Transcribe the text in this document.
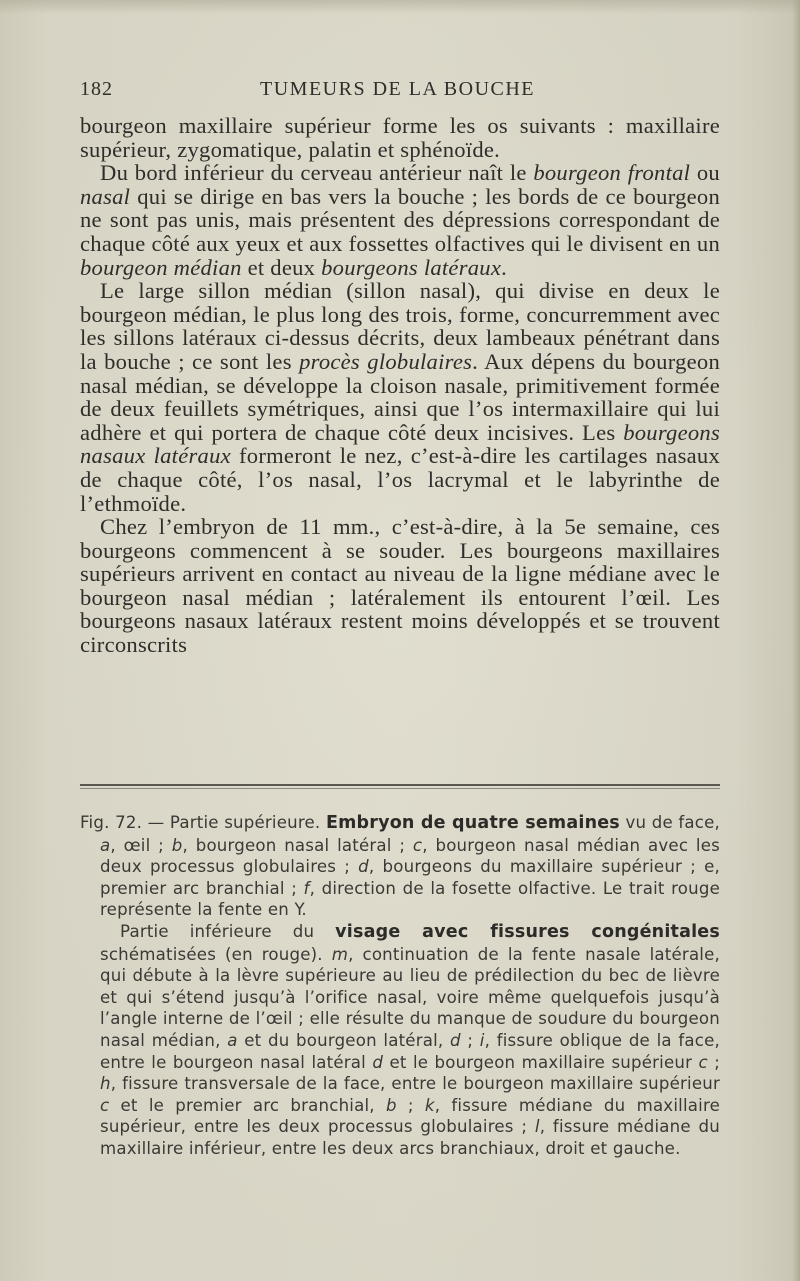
182	TUMEURS DE LA BOUCHE

bourgeon maxillaire supérieur forme les os suivants : maxillaire supérieur, zygomatique, palatin et sphénoïde.

Du bord inférieur du cerveau antérieur naît le bourgeon frontal ou nasal qui se dirige en bas vers la bouche ; les bords de ce bourgeon ne sont pas unis, mais présentent des dépressions correspondant de chaque côté aux yeux et aux fossettes olfactives qui le divisent en un bourgeon médian et deux bourgeons latéraux.

Le large sillon médian (sillon nasal), qui divise en deux le bourgeon médian, le plus long des trois, forme, concurremment avec les sillons latéraux ci-dessus décrits, deux lambeaux pénétrant dans la bouche ; ce sont les procès globulaires. Aux dépens du bourgeon nasal médian, se développe la cloison nasale, primitivement formée de deux feuillets symétriques, ainsi que l’os intermaxillaire qui lui adhère et qui portera de chaque côté deux incisives. Les bourgeons nasaux latéraux formeront le nez, c’est-à-dire les cartilages nasaux de chaque côté, l’os nasal, l’os lacrymal et le labyrinthe de l’ethmoïde.

Chez l’embryon de 11 mm., c’est-à-dire, à la 5e semaine, ces bourgeons commencent à se souder. Les bourgeons maxillaires supérieurs arrivent en contact au niveau de la ligne médiane avec le bourgeon nasal médian ; latéralement ils entourent l’œil. Les bourgeons nasaux latéraux restent moins développés et se trouvent circonscrits

Fig. 72. — Partie supérieure. Embryon de quatre semaines vu de face, a, œil ; b, bourgeon nasal latéral ; c, bourgeon nasal médian avec les deux processus globulaires ; d, bourgeons du maxillaire supérieur ; e, premier arc branchial ; f, direction de la fosette olfactive. Le trait rouge représente la fente en Y.

Partie inférieure du visage avec fissures congénitales schématisées (en rouge). m, continuation de la fente nasale latérale, qui débute à la lèvre supérieure au lieu de prédilection du bec de lièvre et qui s’étend jusqu’à l’orifice nasal, voire même quelquefois jusqu’à l’angle interne de l’œil ; elle résulte du manque de soudure du bourgeon nasal médian, a et du bourgeon latéral, d ; i, fissure oblique de la face, entre le bourgeon nasal latéral d et le bourgeon maxillaire supérieur c ; h, fissure transversale de la face, entre le bourgeon maxillaire supérieur c et le premier arc branchial, b ; k, fissure médiane du maxillaire supérieur, entre les deux processus globulaires ; l, fissure médiane du maxillaire inférieur, entre les deux arcs branchiaux, droit et gauche.
